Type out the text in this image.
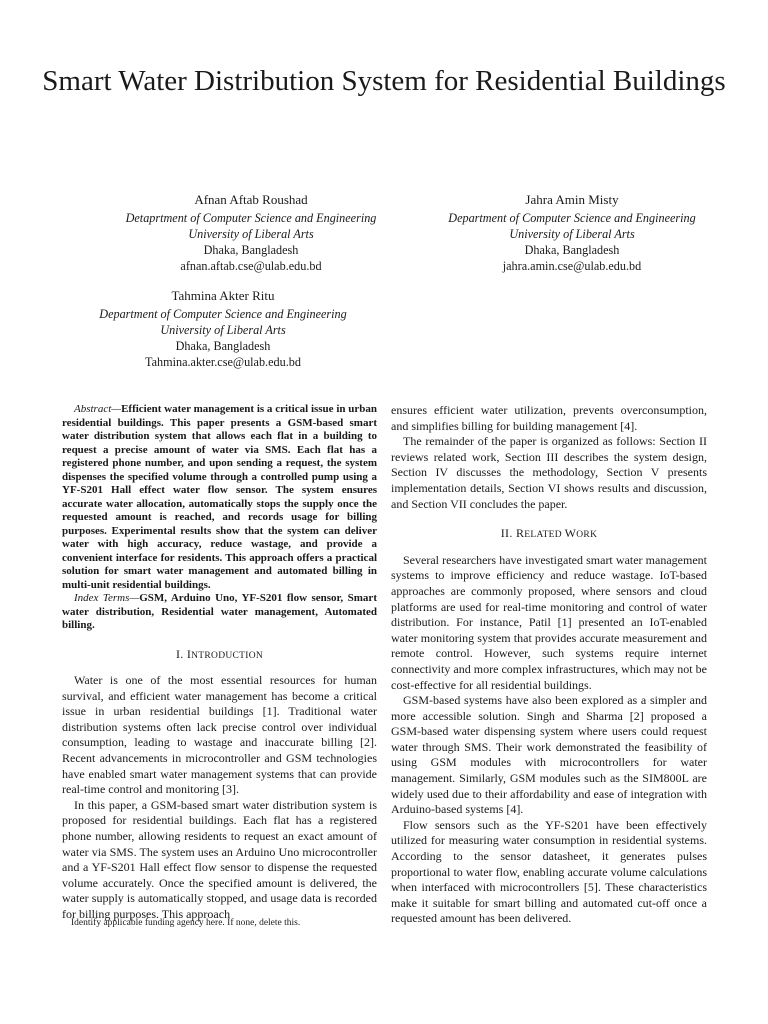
Smart Water Distribution System for Residential Buildings
Afnan Aftab Roushad
Detaprtment of Computer Science and Engineering
University of Liberal Arts
Dhaka, Bangladesh
afnan.aftab.cse@ulab.edu.bd
Jahra Amin Misty
Department of Computer Science and Engineering
University of Liberal Arts
Dhaka, Bangladesh
jahra.amin.cse@ulab.edu.bd
Tahmina Akter Ritu
Department of Computer Science and Engineering
University of Liberal Arts
Dhaka, Bangladesh
Tahmina.akter.cse@ulab.edu.bd

Abstract—Efficient water management is a critical issue in urban residential buildings. This paper presents a GSM-based smart water distribution system that allows each flat in a building to request a precise amount of water via SMS. Each flat has a registered phone number, and upon sending a request, the system dispenses the specified volume through a controlled pump using a YF-S201 Hall effect water flow sensor. The system ensures accurate water allocation, automatically stops the supply once the requested amount is reached, and records usage for billing purposes. Experimental results show that the system can deliver water with high accuracy, reduce wastage, and provide a convenient interface for residents. This approach offers a practical solution for smart water management and automated billing in multi-unit residential buildings.

Index Terms—GSM, Arduino Uno, YF-S201 flow sensor, Smart water distribution, Residential water management, Automated billing.

I. INTRODUCTION

Water is one of the most essential resources for human survival, and efficient water management has become a critical issue in urban residential buildings [1]. Traditional water distribution systems often lack precise control over individual consumption, leading to wastage and inaccurate billing [2]. Recent advancements in microcontroller and GSM technologies have enabled smart water management systems that can provide real-time control and monitoring [3].

In this paper, a GSM-based smart water distribution system is proposed for residential buildings. Each flat has a registered phone number, allowing residents to request an exact amount of water via SMS. The system uses an Arduino Uno microcontroller and a YF-S201 Hall effect flow sensor to dispense the requested volume accurately. Once the specified amount is delivered, the water supply is automatically stopped, and usage data is recorded for billing purposes. This approach

ensures efficient water utilization, prevents overconsumption, and simplifies billing for building management [4].

The remainder of the paper is organized as follows: Section II reviews related work, Section III describes the system design, Section IV discusses the methodology, Section V presents implementation details, Section VI shows results and discussion, and Section VII concludes the paper.

II. RELATED WORK

Several researchers have investigated smart water management systems to improve efficiency and reduce wastage. IoT-based approaches are commonly proposed, where sensors and cloud platforms are used for real-time monitoring and control of water distribution. For instance, Patil [1] presented an IoT-enabled water monitoring system that provides accurate measurement and remote control. However, such systems require internet connectivity and more complex infrastructures, which may not be cost-effective for all residential buildings.

GSM-based systems have also been explored as a simpler and more accessible solution. Singh and Sharma [2] proposed a GSM-based water dispensing system where users could request water through SMS. Their work demonstrated the feasibility of using GSM modules with microcontrollers for water management. Similarly, GSM modules such as the SIM800L are widely used due to their affordability and ease of integration with Arduino-based systems [4].

Flow sensors such as the YF-S201 have been effectively utilized for measuring water consumption in residential systems. According to the sensor datasheet, it generates pulses proportional to water flow, enabling accurate volume calculations when interfaced with microcontrollers [5]. These characteristics make it suitable for smart billing and automated cut-off once a requested amount has been delivered.

Identify applicable funding agency here. If none, delete this.
